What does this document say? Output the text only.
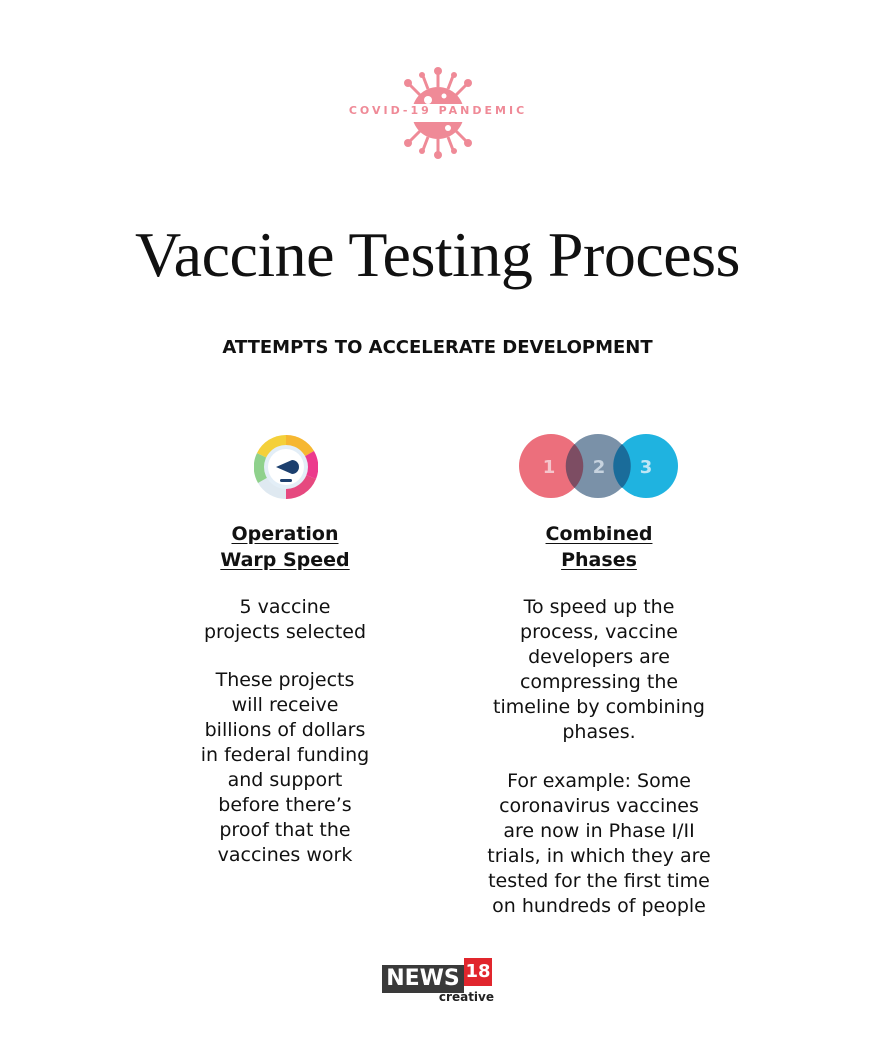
COVID-19 PANDEMIC
Vaccine Testing Process
ATTEMPTS TO ACCELERATE DEVELOPMENT
Operation
Warp Speed
5 vaccine
projects selected
These projects
will receive
billions of dollars
in federal funding
and support
before there’s
proof that the
vaccines work
1 2 3
Combined
Phases
To speed up the
process, vaccine
developers are
compressing the
timeline by combining
phases.
For example: Some
coronavirus vaccines
are now in Phase I/II
trials, in which they are
tested for the first time
on hundreds of people
NEWS 18
creative
